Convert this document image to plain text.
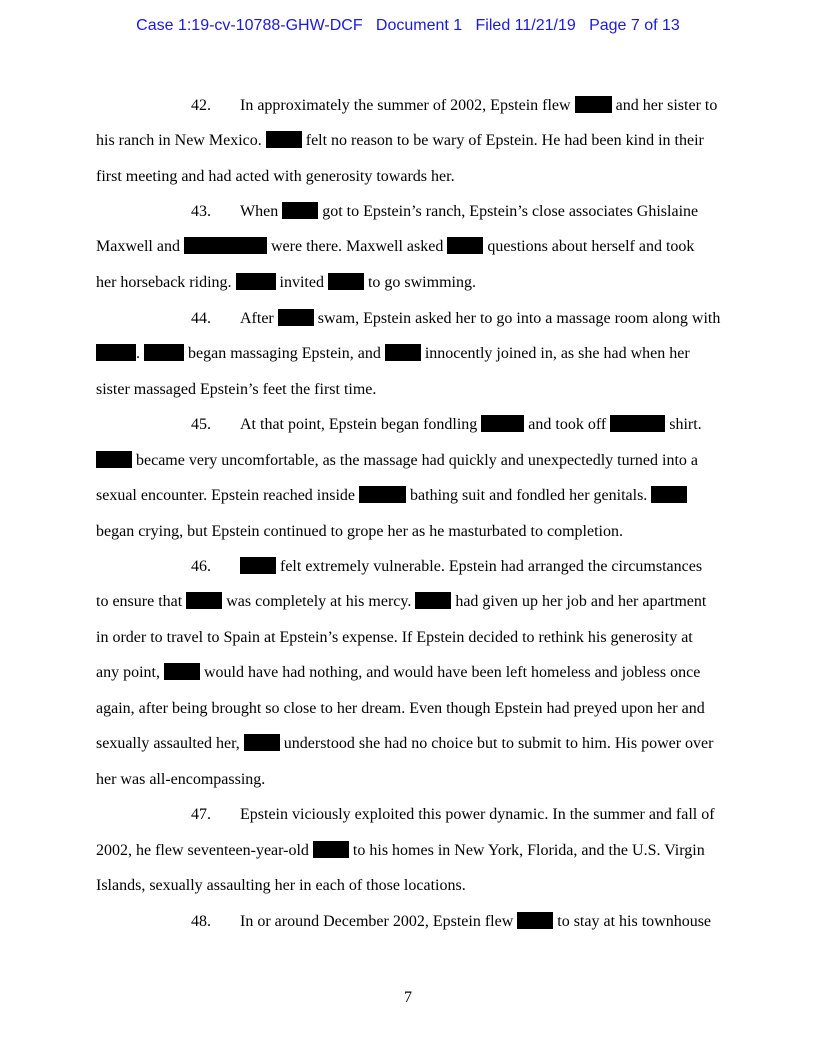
Case 1:19-cv-10788-GHW-DCF   Document 1   Filed 11/21/19   Page 7 of 13
42. In approximately the summer of 2002, Epstein flew  and her sister to
his ranch in New Mexico.  felt no reason to be wary of Epstein. He had been kind in their
first meeting and had acted with generosity towards her.
43. When  got to Epstein’s ranch, Epstein’s close associates Ghislaine
Maxwell and	were there. Maxwell asked  questions about herself and took
her horseback riding.	invited  to go swimming.
44. After  swam, Epstein asked her to go into a massage room along with
.	began massaging Epstein, and  innocently joined in, as she had when her
sister massaged Epstein’s feet the first time.
45. At that point, Epstein began fondling	and took off	shirt.
became very uncomfortable, as the massage had quickly and unexpectedly turned into a
sexual encounter. Epstein reached inside	bathing suit and fondled her genitals.
began crying, but Epstein continued to grope her as he masturbated to completion.
46.	felt extremely vulnerable. Epstein had arranged the circumstances
to ensure that  was completely at his mercy.  had given up her job and her apartment
in order to travel to Spain at Epstein’s expense. If Epstein decided to rethink his generosity at
any point,  would have had nothing, and would have been left homeless and jobless once
again, after being brought so close to her dream. Even though Epstein had preyed upon her and
sexually assaulted her,  understood she had no choice but to submit to him. His power over
her was all-encompassing.
47. Epstein viciously exploited this power dynamic. In the summer and fall of
2002, he flew seventeen-year-old  to his homes in New York, Florida, and the U.S. Virgin
Islands, sexually assaulting her in each of those locations.
48. In or around December 2002, Epstein flew  to stay at his townhouse
7
